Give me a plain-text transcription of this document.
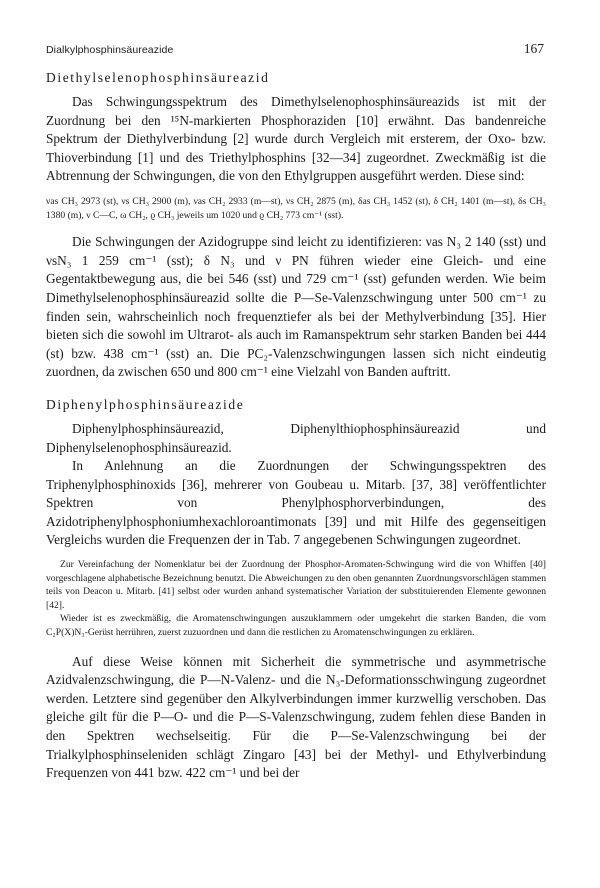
Dialkylphosphinsäureazide	167
Diethylselenophosphinsäureazid

Das Schwingungsspektrum des Dimethylselenophosphinsäureazids ist mit der Zuordnung bei den ¹⁵N-markierten Phosphoraziden [10] erwähnt. Das bandenreiche Spektrum der Diethylverbindung [2] wurde durch Vergleich mit ersterem, der Oxo- bzw. Thioverbindung [1] und des Triethylphosphins [32—34] zugeordnet. Zweckmäßig ist die Abtrennung der Schwingungen, die von den Ethylgruppen ausgeführt werden. Diese sind:

νas CH₃ 2973 (st), νs CH₃ 2900 (m), νas CH₂ 2933 (m—st), νs CH₂ 2875 (m), δas CH₃ 1452 (st), δ CH₂ 1401 (m—st), δs CH₃ 1380 (m), ν C—C, ω CH₂, ϱ CH₃ jeweils um 1020 und ϱ CH₂ 773 cm⁻¹ (sst).

Die Schwingungen der Azidogruppe sind leicht zu identifizieren: νas N₃ 2 140 (sst) und νsN₃ 1 259 cm⁻¹ (sst); δ N₃ und ν PN führen wieder eine Gleich- und eine Gegentaktbewegung aus, die bei 546 (sst) und 729 cm⁻¹ (sst) gefunden werden. Wie beim Dimethylselenophosphinsäureazid sollte die P—Se-Valenzschwingung unter 500 cm⁻¹ zu finden sein, wahrscheinlich noch frequenztiefer als bei der Methylverbindung [35]. Hier bieten sich die sowohl im Ultrarot- als auch im Ramanspektrum sehr starken Banden bei 444 (st) bzw. 438 cm⁻¹ (sst) an. Die PC₂-Valenzschwingungen lassen sich nicht eindeutig zuordnen, da zwischen 650 und 800 cm⁻¹ eine Vielzahl von Banden auftritt.

Diphenylphosphinsäureazide

Diphenylphosphinsäureazid, Diphenylthiophosphinsäureazid und Diphenylselenophosphinsäureazid.

In Anlehnung an die Zuordnungen der Schwingungsspektren des Triphenylphosphinoxids [36], mehrerer von Goubeau u. Mitarb. [37, 38] veröffentlichter Spektren von Phenylphosphorverbindungen, des Azidotriphenylphosphoniumhexachloroantimonats [39] und mit Hilfe des gegenseitigen Vergleichs wurden die Frequenzen der in Tab. 7 angegebenen Schwingungen zugeordnet.

Zur Vereinfachung der Nomenklatur bei der Zuordnung der Phosphor-Aromaten-Schwingung wird die von Whiffen [40] vorgeschlagene alphabetische Bezeichnung benutzt. Die Abweichungen zu den oben genannten Zuordnungsvorschlägen stammen teils von Deacon u. Mitarb. [41] selbst oder wurden anhand systematischer Variation der substituierenden Elemente gewonnen [42].

Wieder ist es zweckmäßig, die Aromatenschwingungen auszuklammern oder umgekehrt die starken Banden, die vom C₂P(X)N₃-Gerüst herrühren, zuerst zuzuordnen und dann die restlichen zu Aromatenschwingungen zu erklären.

Auf diese Weise können mit Sicherheit die symmetrische und asymmetrische Azidvalenzschwingung, die P—N-Valenz- und die N₃-Deformationsschwingung zugeordnet werden. Letztere sind gegenüber den Alkylverbindungen immer kurzwellig verschoben. Das gleiche gilt für die P—O- und die P—S-Valenzschwingung, zudem fehlen diese Banden in den Spektren wechselseitig. Für die P—Se-Valenzschwingung bei der Trialkylphosphinseleniden schlägt Zingaro [43] bei der Methyl- und Ethylverbindung Frequenzen von 441 bzw. 422 cm⁻¹ und bei der
